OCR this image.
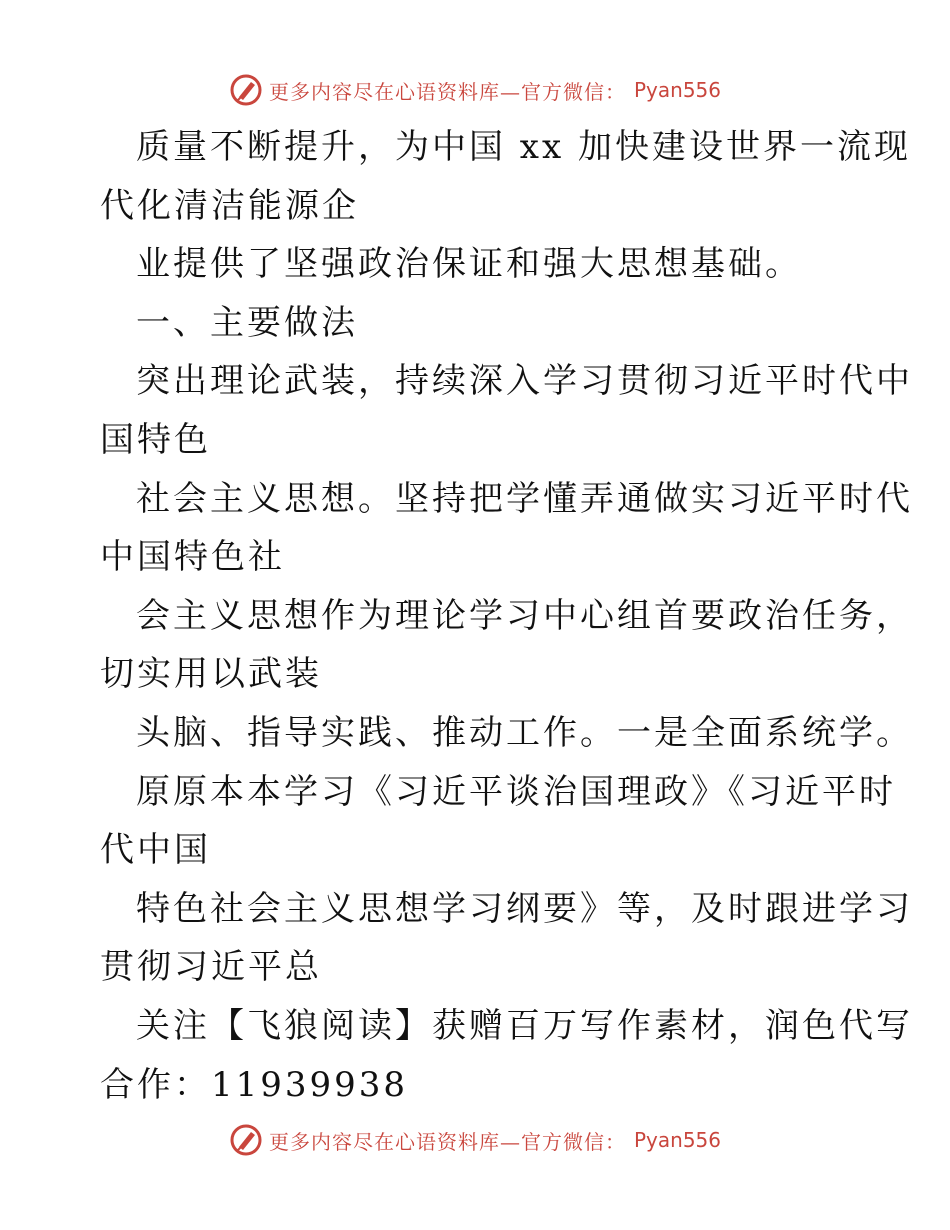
更多内容尽在心语资料库—官方微信： Pyan556
质量不断提升，为中国 xx 加快建设世界一流现
代化清洁能源企
业提供了坚强政治保证和强大思想基础。
一、主要做法
突出理论武装，持续深入学习贯彻习近平时代中
国特色
社会主义思想。坚持把学懂弄通做实习近平时代
中国特色社
会主义思想作为理论学习中心组首要政治任务，
切实用以武装
头脑、指导实践、推动工作。一是全面系统学。
原原本本学习《习近平谈治国理政》《习近平时
代中国
特色社会主义思想学习纲要》等，及时跟进学习
贯彻习近平总
关注【飞狼阅读】获赠百万写作素材，润色代写
合作：11939938
更多内容尽在心语资料库—官方微信： Pyan556
